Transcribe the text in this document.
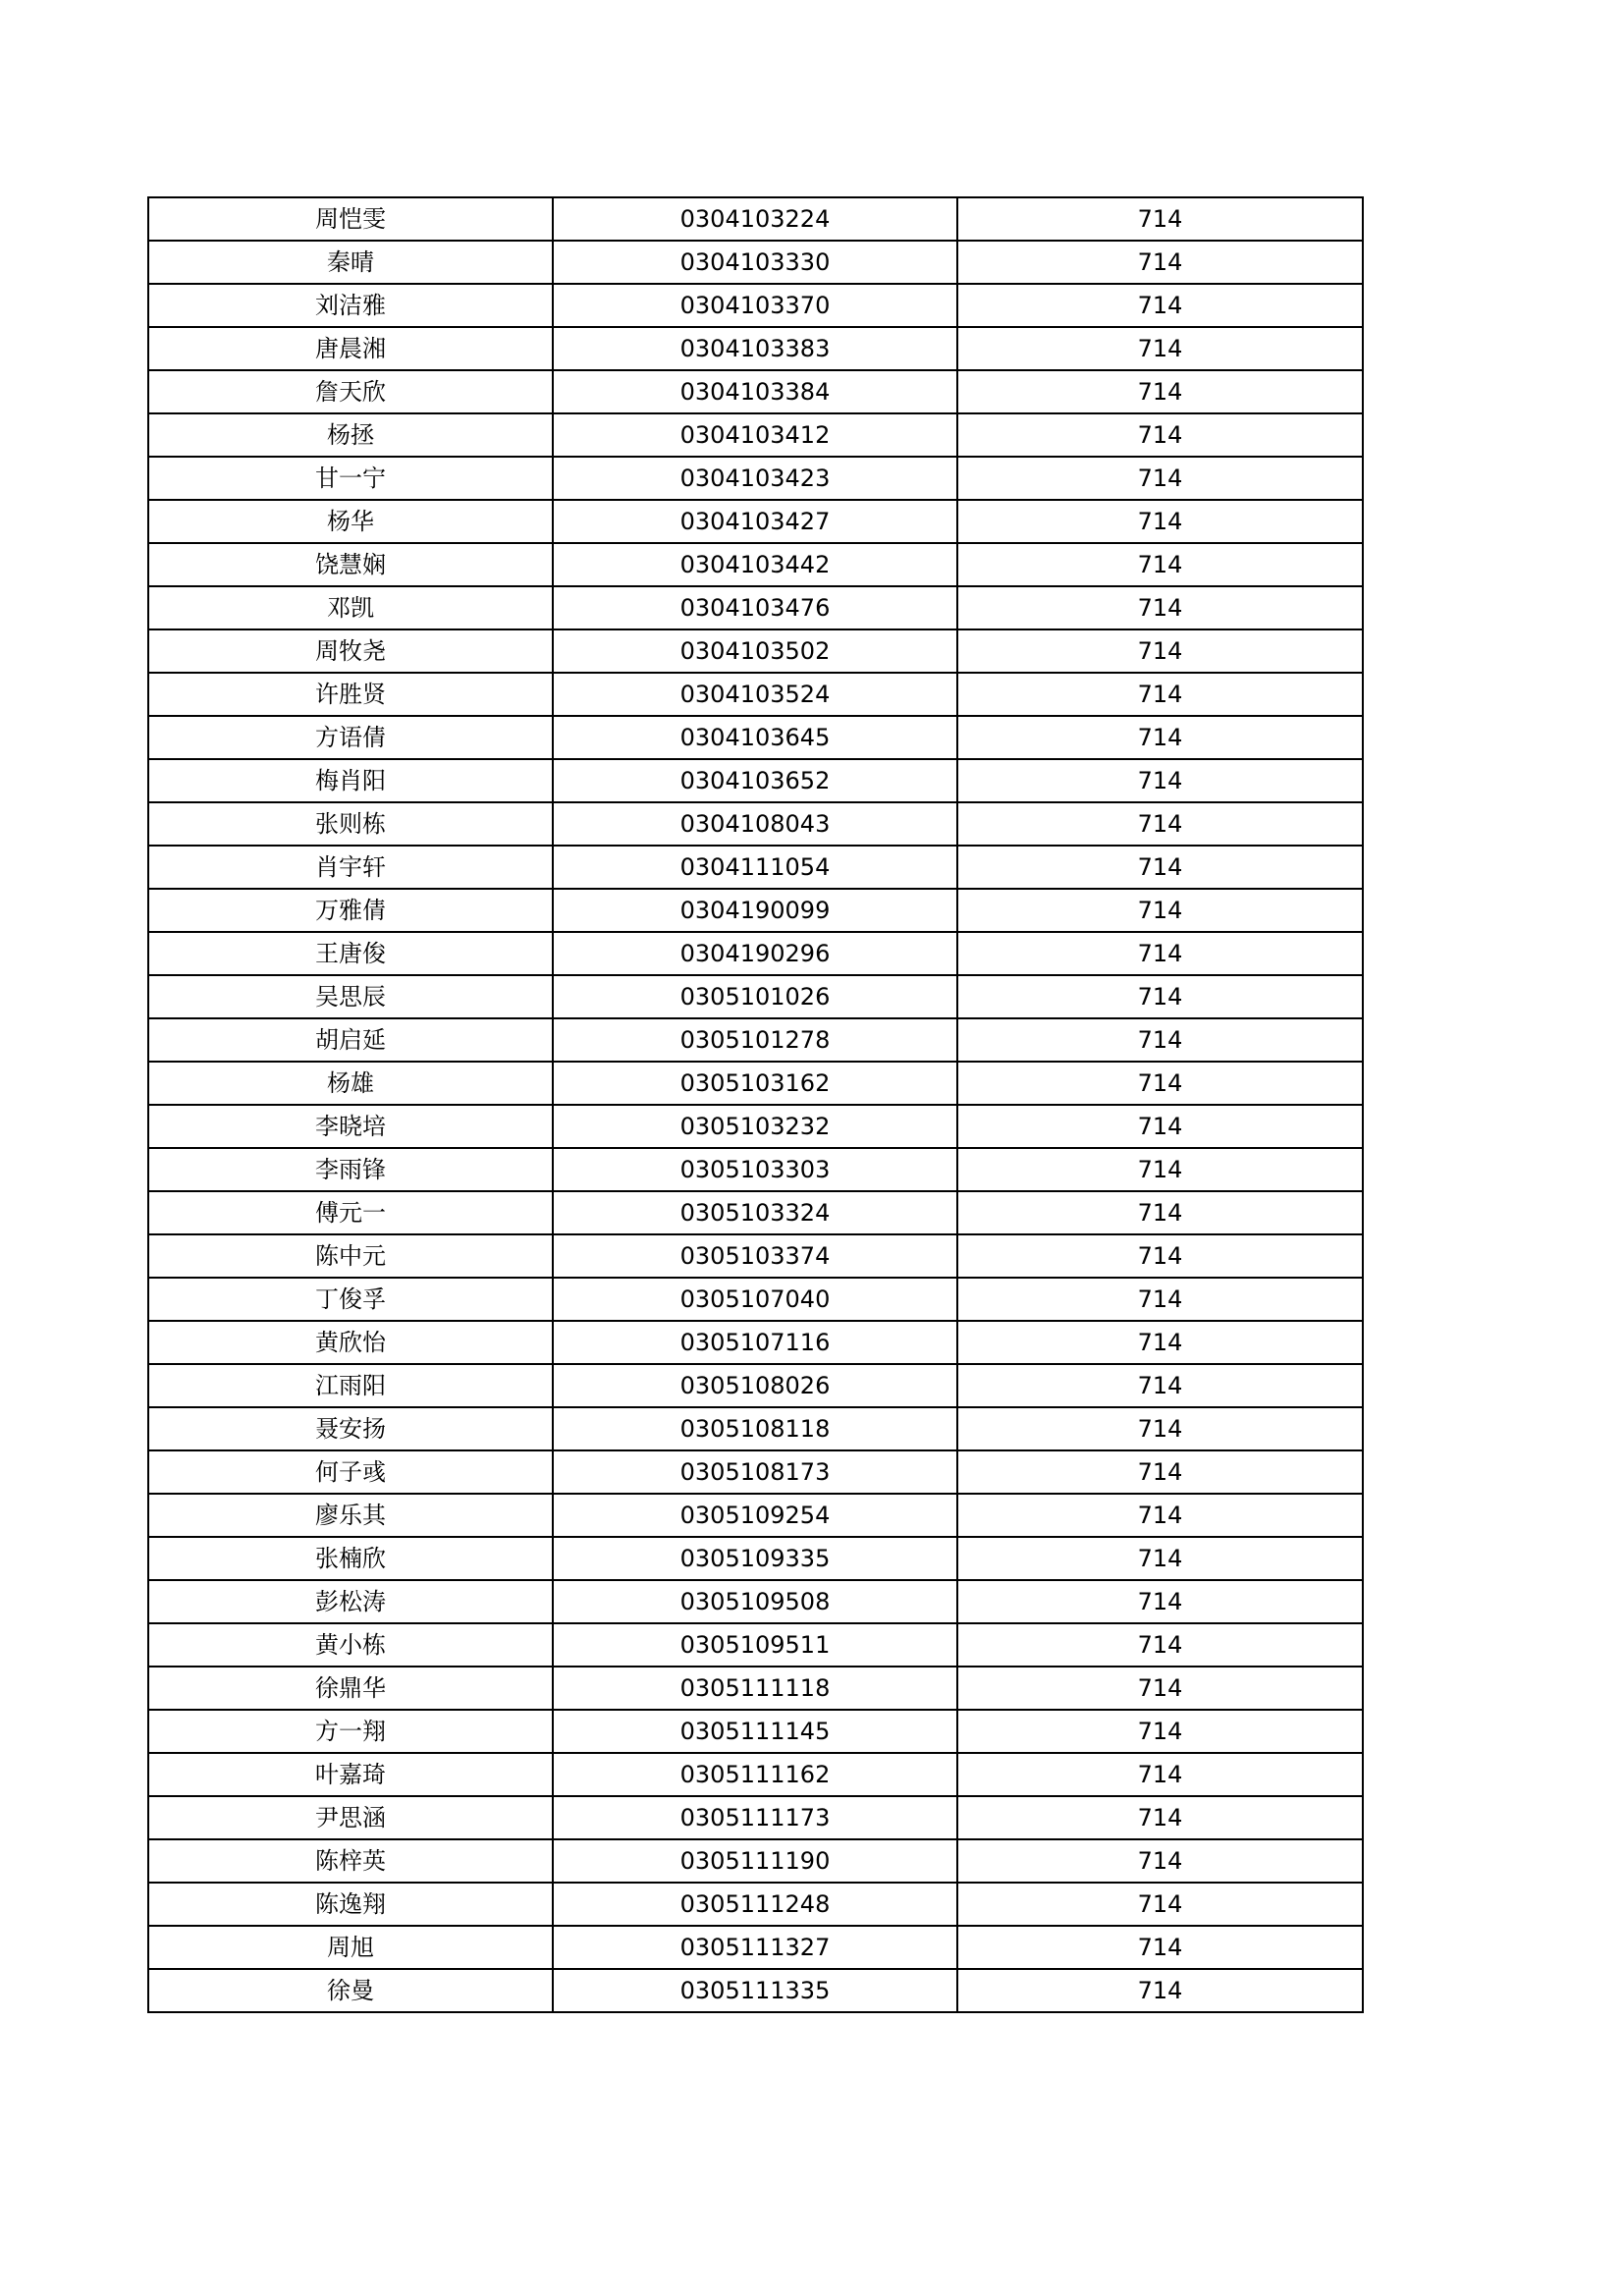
周恺雯	0304103224	714
秦晴	0304103330	714
刘洁雅	0304103370	714
唐晨湘	0304103383	714
詹天欣	0304103384	714
杨拯	0304103412	714
甘一宁	0304103423	714
杨华	0304103427	714
饶慧娴	0304103442	714
邓凯	0304103476	714
周牧尧	0304103502	714
许胜贤	0304103524	714
方语倩	0304103645	714
梅肖阳	0304103652	714
张则栋	0304108043	714
肖宇轩	0304111054	714
万雅倩	0304190099	714
王唐俊	0304190296	714
吴思辰	0305101026	714
胡启延	0305101278	714
杨雄	0305103162	714
李晓培	0305103232	714
李雨锋	0305103303	714
傅元一	0305103324	714
陈中元	0305103374	714
丁俊孚	0305107040	714
黄欣怡	0305107116	714
江雨阳	0305108026	714
聂安扬	0305108118	714
何子彧	0305108173	714
廖乐其	0305109254	714
张楠欣	0305109335	714
彭松涛	0305109508	714
黄小栋	0305109511	714
徐鼎华	0305111118	714
方一翔	0305111145	714
叶嘉琦	0305111162	714
尹思涵	0305111173	714
陈梓英	0305111190	714
陈逸翔	0305111248	714
周旭	0305111327	714
徐曼	0305111335	714
